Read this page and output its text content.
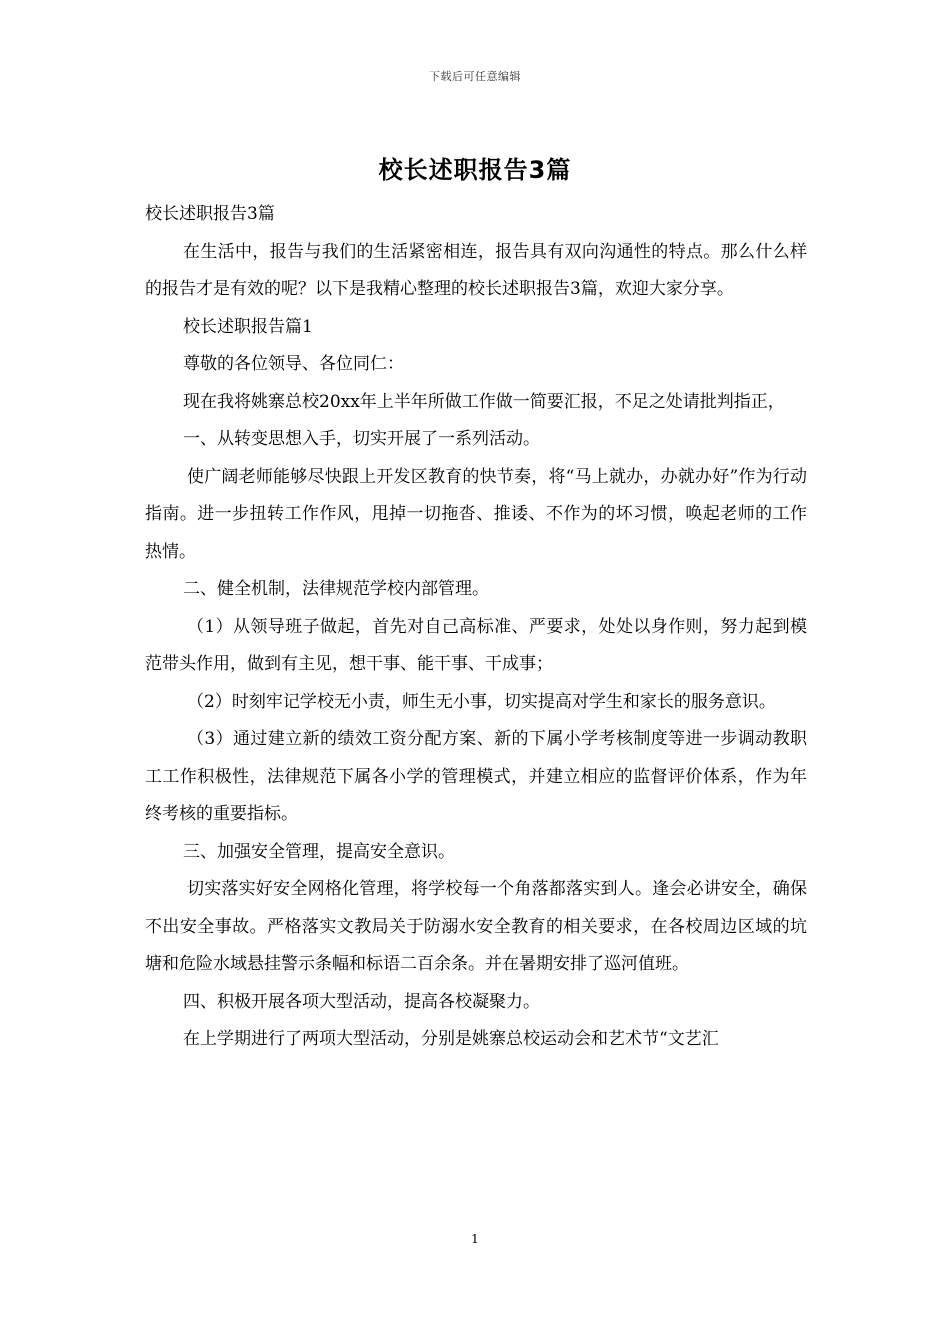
下载后可任意编辑
校长述职报告3篇

校长述职报告3篇

在生活中，报告与我们的生活紧密相连，报告具有双向沟通性的特点。那么什么样的报告才是有效的呢？以下是我精心整理的校长述职报告3篇，欢迎大家分享。

校长述职报告篇1

尊敬的各位领导、各位同仁：

现在我将姚寨总校20xx年上半年所做工作做一简要汇报，不足之处请批判指正，

一、从转变思想入手，切实开展了一系列活动。

使广阔老师能够尽快跟上开发区教育的快节奏，将“马上就办，办就办好”作为行动指南。进一步扭转工作作风，甩掉一切拖沓、推诿、不作为的坏习惯，唤起老师的工作热情。

二、健全机制，法律规范学校内部管理。

（1）从领导班子做起，首先对自己高标准、严要求，处处以身作则，努力起到模范带头作用，做到有主见，想干事、能干事、干成事；

（2）时刻牢记学校无小责，师生无小事，切实提高对学生和家长的服务意识。

（3）通过建立新的绩效工资分配方案、新的下属小学考核制度等进一步调动教职工工作积极性，法律规范下属各小学的管理模式，并建立相应的监督评价体系，作为年终考核的重要指标。

三、加强安全管理，提高安全意识。

切实落实好安全网格化管理，将学校每一个角落都落实到人。逢会必讲安全，确保不出安全事故。严格落实文教局关于防溺水安全教育的相关要求，在各校周边区域的坑塘和危险水域悬挂警示条幅和标语二百余条。并在暑期安排了巡河值班。

四、积极开展各项大型活动，提高各校凝聚力。

在上学期进行了两项大型活动，分别是姚寨总校运动会和艺术节“文艺汇

1
